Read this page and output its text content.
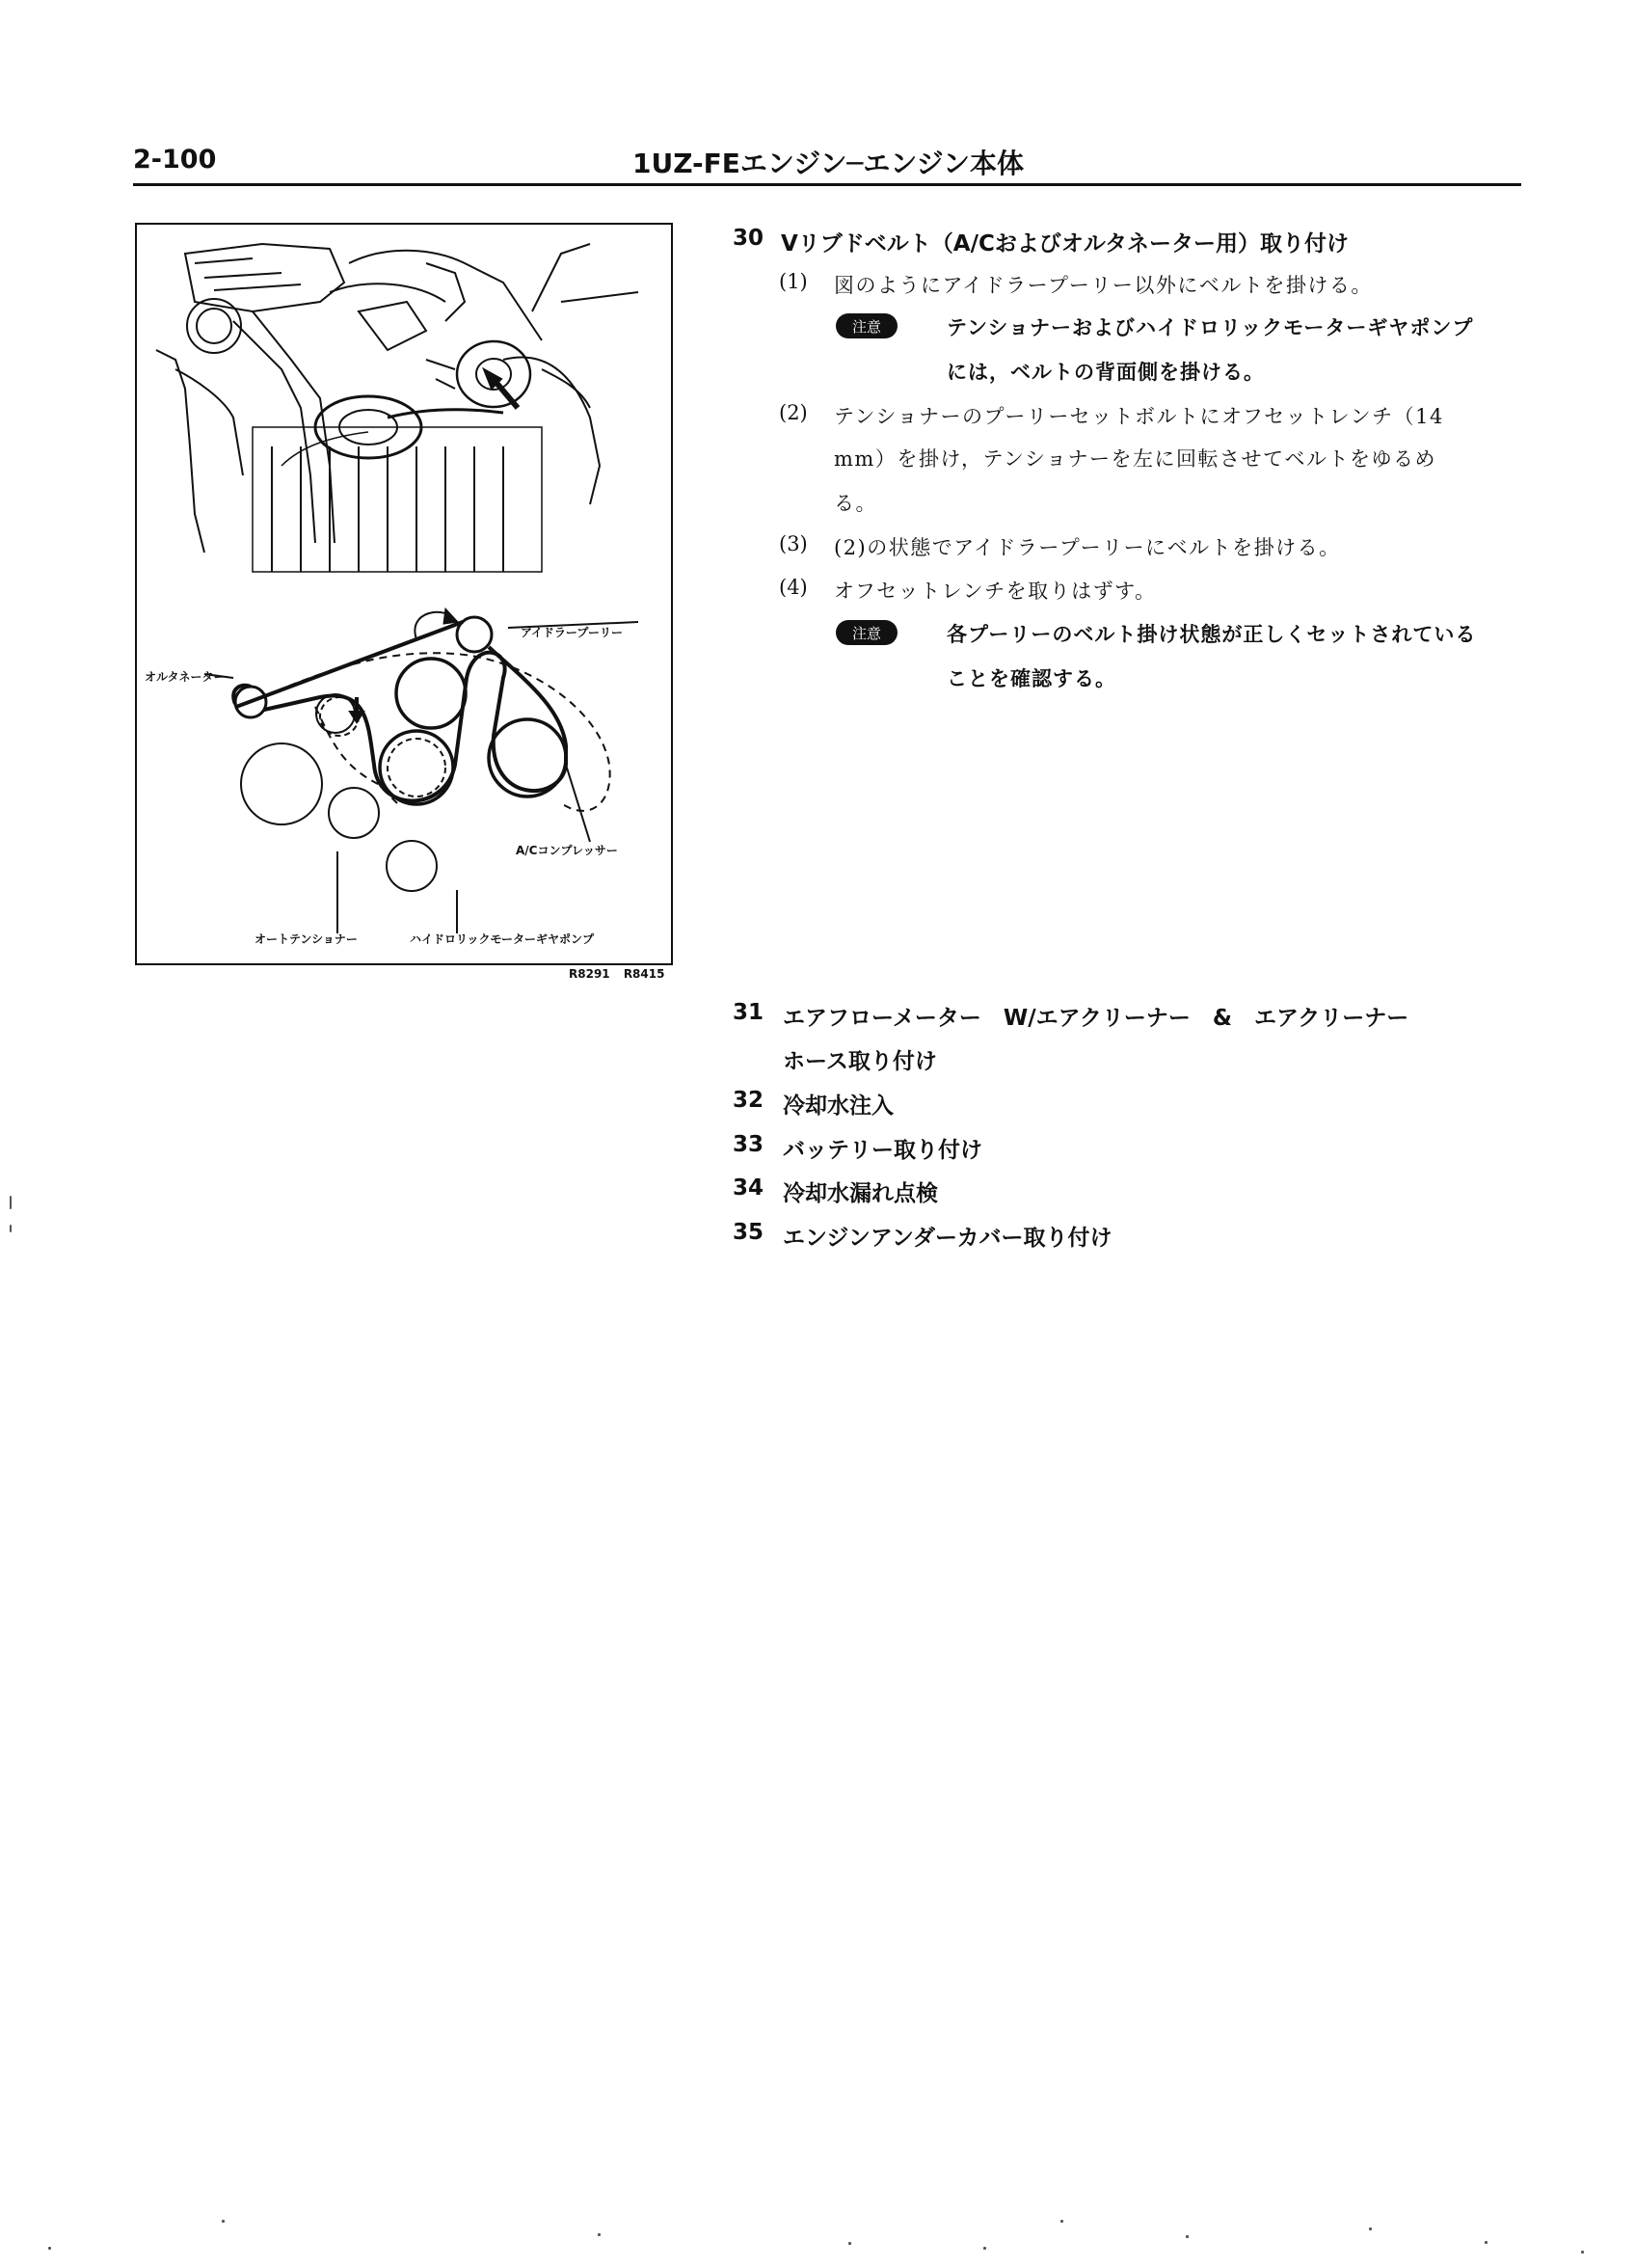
2-100	1UZ-FEエンジン─エンジン本体
アイドラープーリー
オルタネーター
A/Cコンプレッサー
オートテンショナー	ハイドロリックモーターギヤポンプ
R8291 R8415
30 Vリブドベルト（A/Cおよびオルタネーター用）取り付け
(1) 図のようにアイドラープーリー以外にベルトを掛ける。
注意	テンショナーおよびハイドロリックモーターギヤポンプ
には，ベルトの背面側を掛ける。
(2) テンショナーのプーリーセットボルトにオフセットレンチ（14
mm）を掛け，テンショナーを左に回転させてベルトをゆるめ
る。
(3) (2)の状態でアイドラープーリーにベルトを掛ける。
(4) オフセットレンチを取りはずす。
注意	各プーリーのベルト掛け状態が正しくセットされている
ことを確認する。
31 エアフローメーター　W/エアクリーナー　&　エアクリーナー
ホース取り付け
32 冷却水注入
33 バッテリー取り付け
34 冷却水漏れ点検
35 エンジンアンダーカバー取り付け
